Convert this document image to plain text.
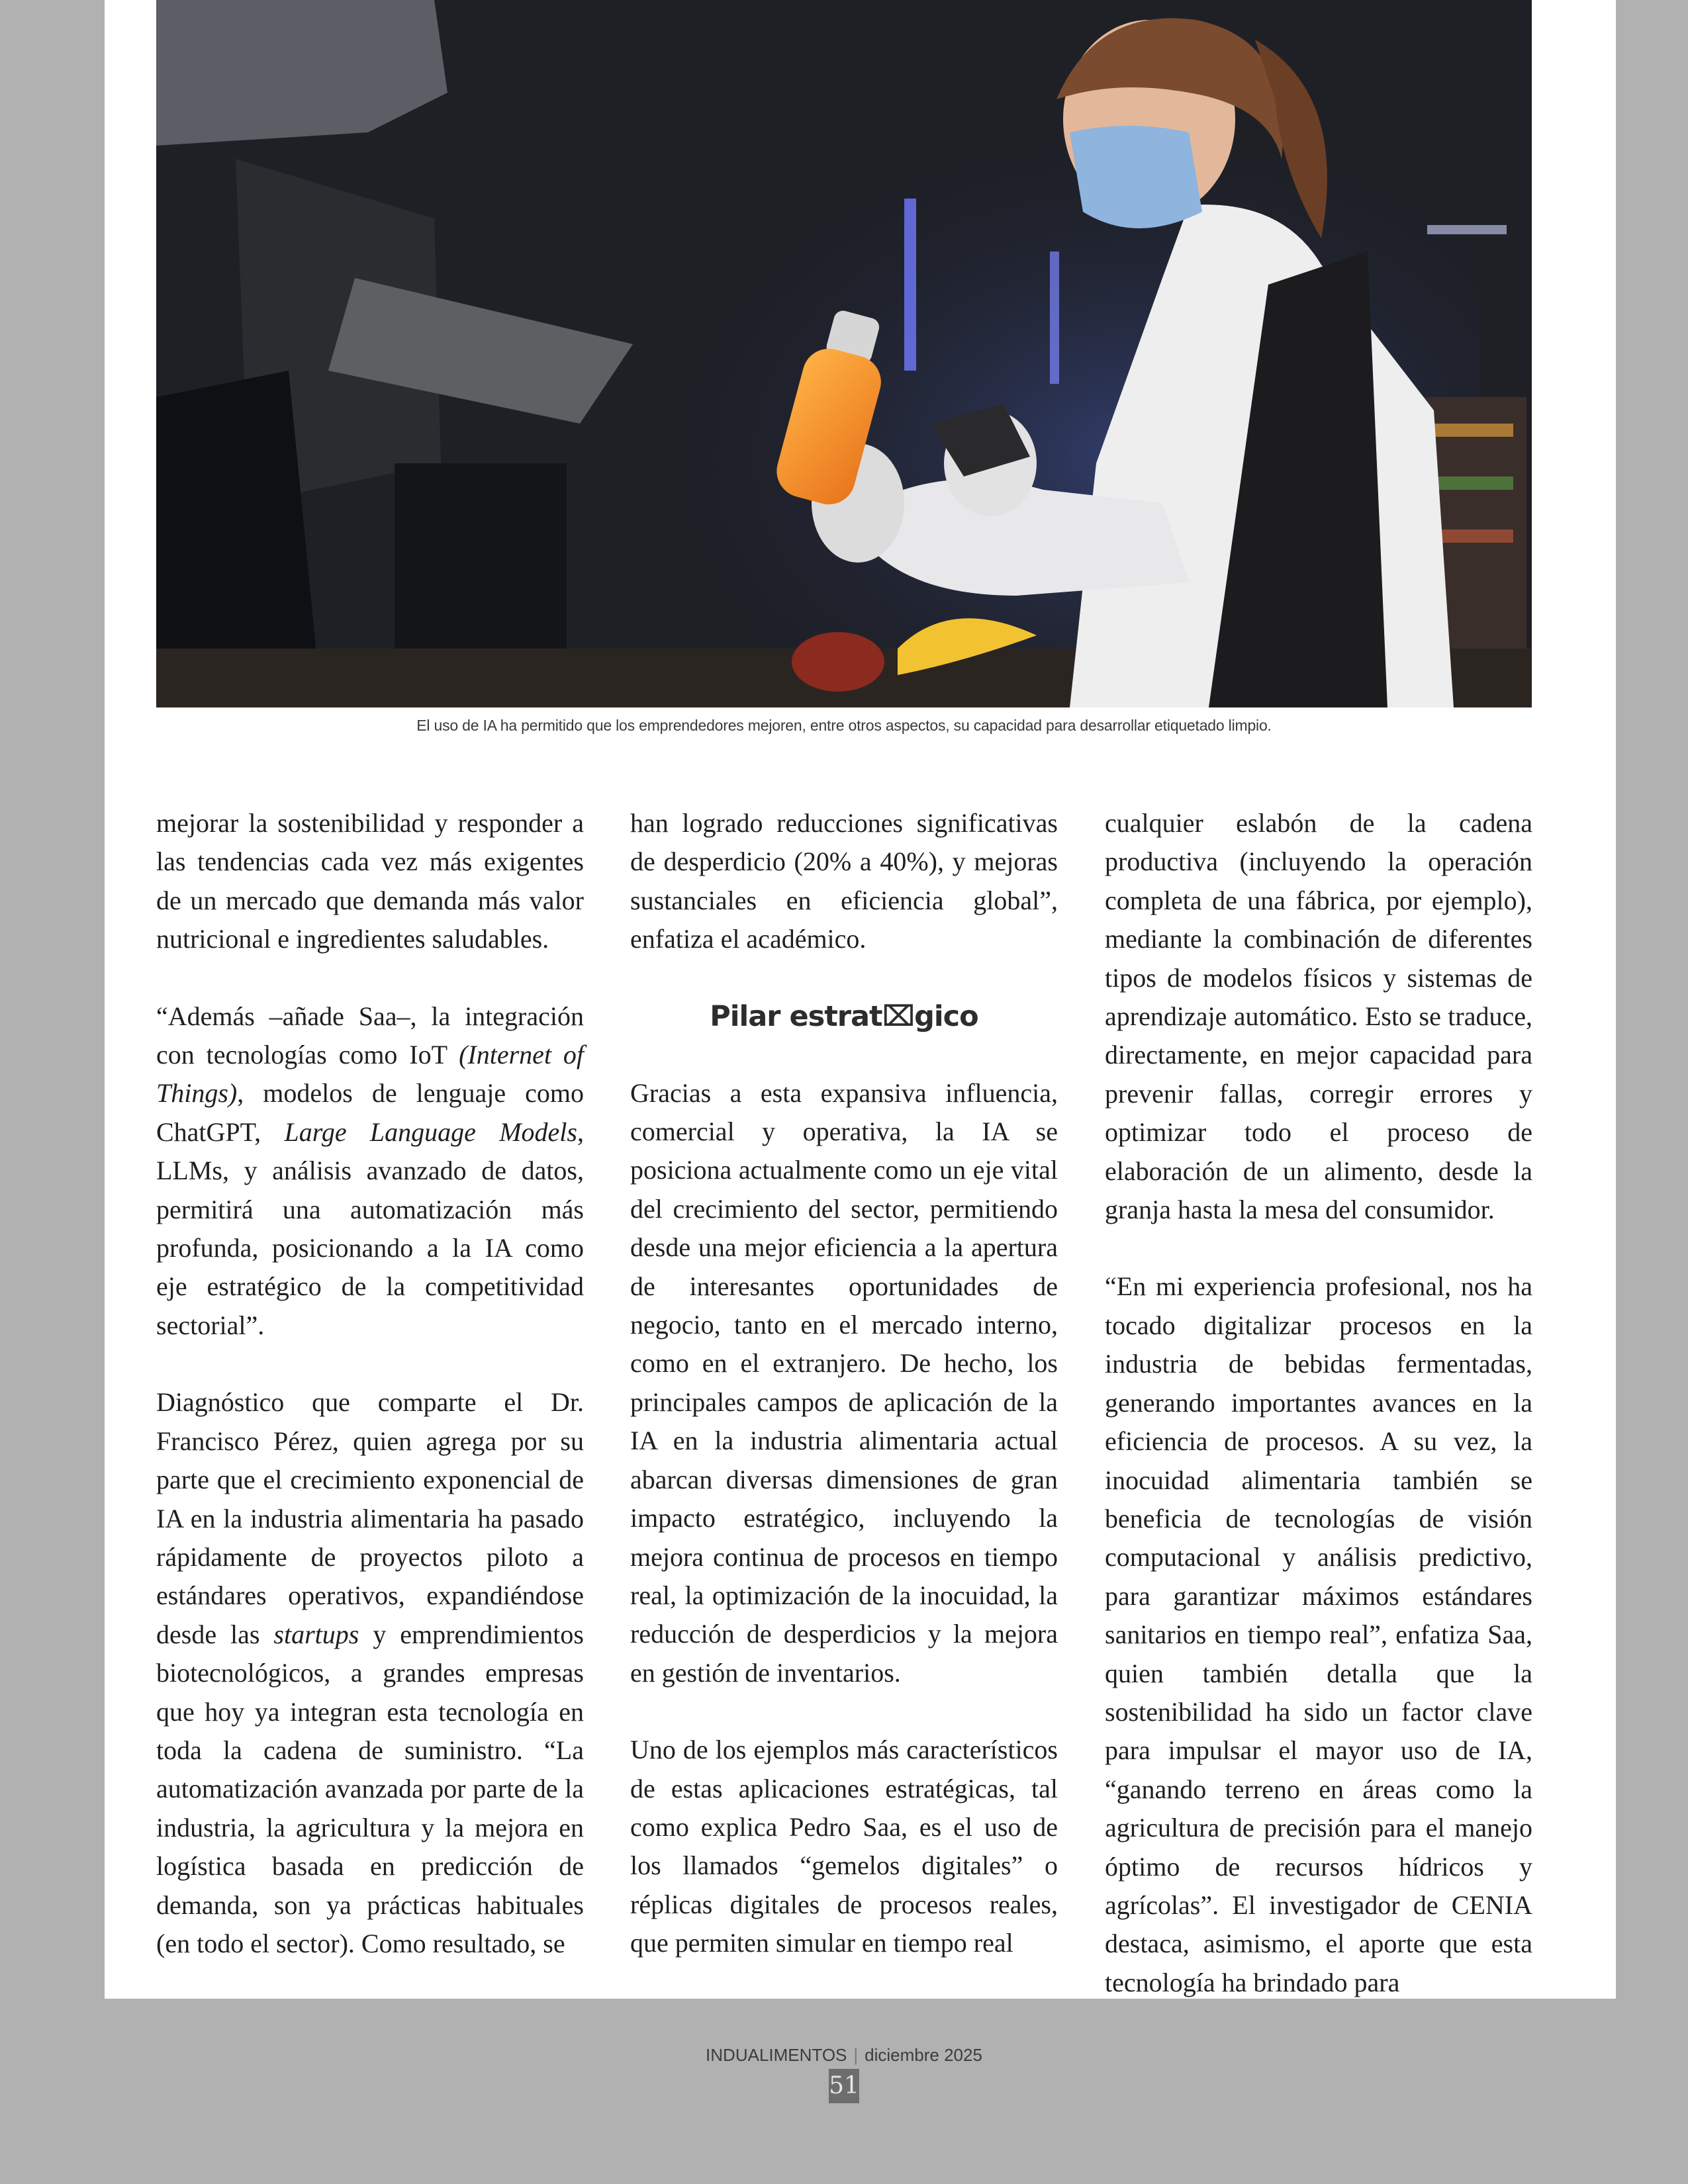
El uso de IA ha permitido que los emprendedores mejoren, entre otros aspectos, su capacidad para desarrollar etiquetado limpio.

mejorar la sostenibilidad y responder a las tendencias cada vez más exigentes de un mercado que demanda más valor nutricional e ingredientes saludables.

“Además –añade Saa–, la integración con tecnologías como IoT (Internet of Things), modelos de lenguaje como ChatGPT, Large Language Models, LLMs, y análisis avanzado de datos, permitirá una automatización más profunda, posicionando a la IA como eje estratégico de la competitividad sectorial”.

Diagnóstico que comparte el Dr. Francisco Pérez, quien agrega por su parte que el crecimiento exponencial de IA en la industria alimentaria ha pasado rápidamente de proyectos piloto a estándares operativos, expandiéndose desde las startups y emprendimientos biotecnológicos, a grandes empresas que hoy ya integran esta tecnología en toda la cadena de suministro. “La automatización avanzada por parte de la industria, la agricultura y la mejora en logística basada en predicción de demanda, son ya prácticas habituales (en todo el sector). Como resultado, se

han logrado reducciones significativas de desperdicio (20% a 40%), y mejoras sustanciales en eficiencia global”, enfatiza el académico.

Pilar estrat⌧gico

Gracias a esta expansiva influencia, comercial y operativa, la IA se posiciona actualmente como un eje vital del crecimiento del sector, permitiendo desde una mejor eficiencia a la apertura de interesantes oportunidades de negocio, tanto en el mercado interno, como en el extranjero. De hecho, los principales campos de aplicación de la IA en la industria alimentaria actual abarcan diversas dimensiones de gran impacto estratégico, incluyendo la mejora continua de procesos en tiempo real, la optimización de la inocuidad, la reducción de desperdicios y la mejora en gestión de inventarios.

Uno de los ejemplos más característicos de estas aplicaciones estratégicas, tal como explica Pedro Saa, es el uso de los llamados “gemelos digitales” o réplicas digitales de procesos reales, que permiten simular en tiempo real

cualquier eslabón de la cadena productiva (incluyendo la operación completa de una fábrica, por ejemplo), mediante la combinación de diferentes tipos de modelos físicos y sistemas de aprendizaje automático. Esto se traduce, directamente, en mejor capacidad para prevenir fallas, corregir errores y optimizar todo el proceso de elaboración de un alimento, desde la granja hasta la mesa del consumidor.

“En mi experiencia profesional, nos ha tocado digitalizar procesos en la industria de bebidas fermentadas, generando importantes avances en la eficiencia de procesos. A su vez, la inocuidad alimentaria también se beneficia de tecnologías de visión computacional y análisis predictivo, para garantizar máximos estándares sanitarios en tiempo real”, enfatiza Saa, quien también detalla que la sostenibilidad ha sido un factor clave para impulsar el mayor uso de IA, “ganando terreno en áreas como la agricultura de precisión para el manejo óptimo de recursos hídricos y agrícolas”. El investigador de CENIA destaca, asimismo, el aporte que esta tecnología ha brindado para

INDUALIMENTOS | diciembre 2025
51
